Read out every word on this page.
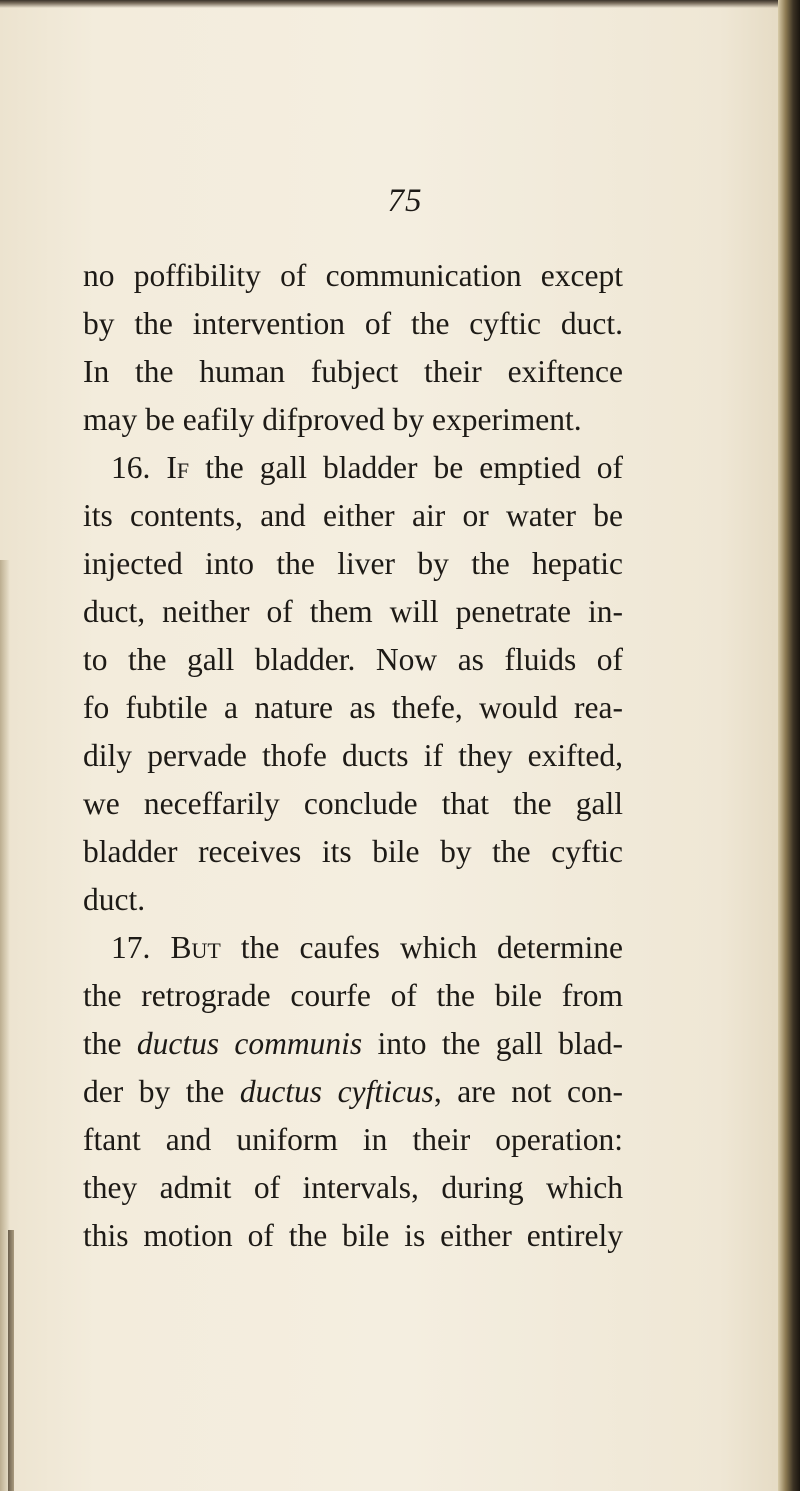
75
no poffibility of communication except
by the intervention of the cyftic duct.
In the human fubject their exiftence
may be eafily difproved by experiment.
16. If the gall bladder be emptied of
its contents, and either air or water be
injected into the liver by the hepatic
duct, neither of them will penetrate in-
to the gall bladder. Now as fluids of
fo fubtile a nature as thefe, would rea-
dily pervade thofe ducts if they exifted,
we neceffarily conclude that the gall
bladder receives its bile by the cyftic
duct.
17. But the caufes which determine
the retrograde courfe of the bile from
the ductus communis into the gall blad-
der by the ductus cyfticus, are not con-
ftant and uniform in their operation:
they admit of intervals, during which
this motion of the bile is either entirely
